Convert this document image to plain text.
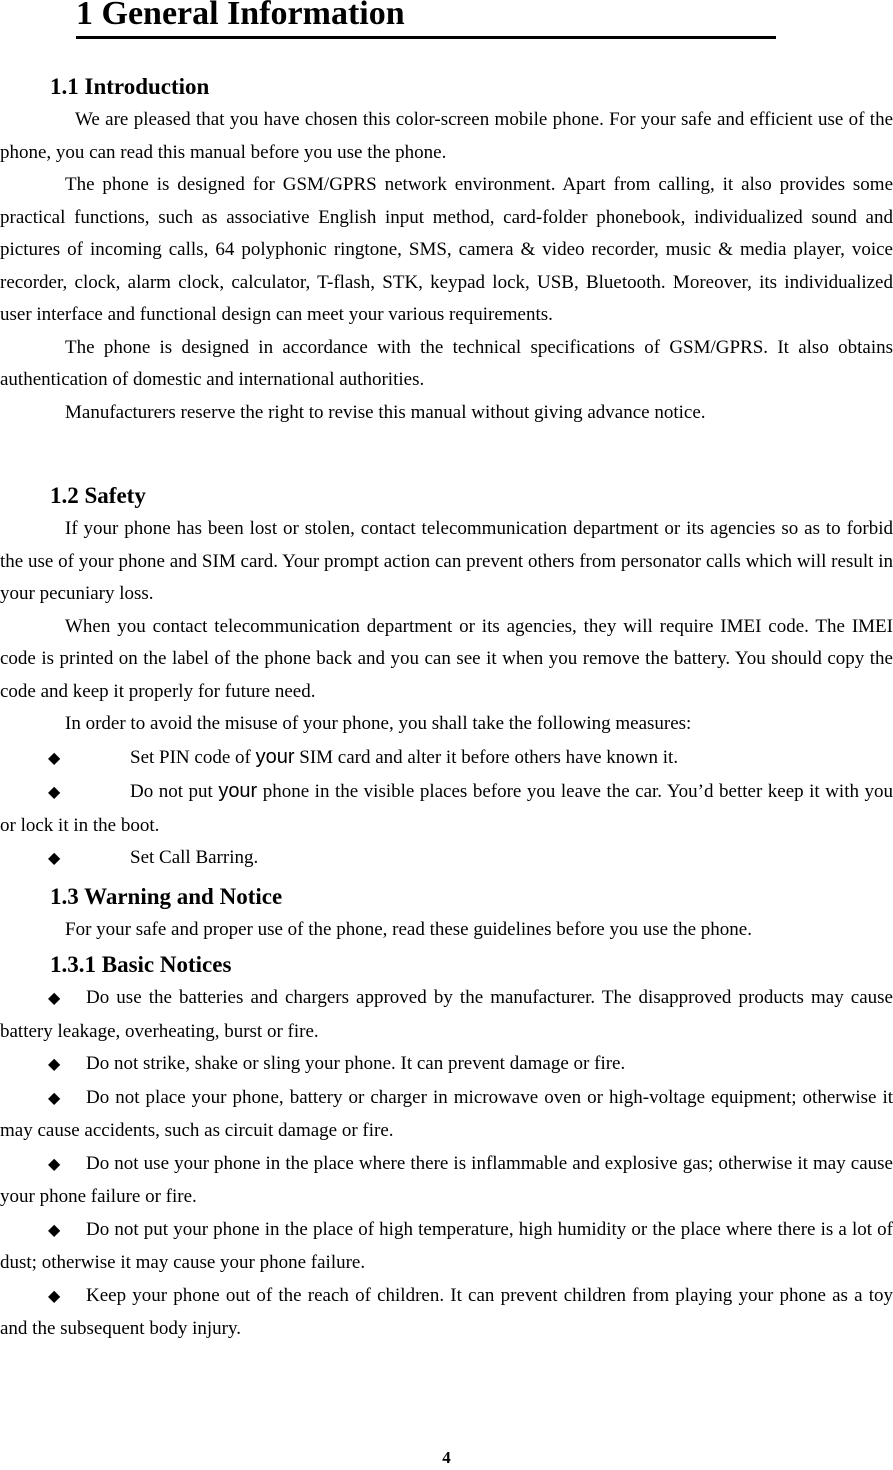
1 General Information
1.1 Introduction

We are pleased that you have chosen this color-screen mobile phone. For your safe and efficient use of the phone, you can read this manual before you use the phone.

The phone is designed for GSM/GPRS network environment. Apart from calling, it also provides some practical functions, such as associative English input method, card-folder phonebook, individualized sound and pictures of incoming calls, 64 polyphonic ringtone, SMS, camera & video recorder, music & media player, voice recorder, clock, alarm clock, calculator, T-flash, STK, keypad lock, USB, Bluetooth. Moreover, its individualized user interface and functional design can meet your various requirements.

The phone is designed in accordance with the technical specifications of GSM/GPRS. It also obtains authentication of domestic and international authorities.

Manufacturers reserve the right to revise this manual without giving advance notice.

1.2 Safety

If your phone has been lost or stolen, contact telecommunication department or its agencies so as to forbid the use of your phone and SIM card. Your prompt action can prevent others from personator calls which will result in your pecuniary loss.

When you contact telecommunication department or its agencies, they will require IMEI code. The IMEI code is printed on the label of the phone back and you can see it when you remove the battery. You should copy the code and keep it properly for future need.

In order to avoid the misuse of your phone, you shall take the following measures:

◆	Set PIN code of your SIM card and alter it before others have known it.

◆	Do not put your phone in the visible places before you leave the car. You’d better keep it with you or lock it in the boot.

◆	Set Call Barring.

1.3 Warning and Notice

For your safe and proper use of the phone, read these guidelines before you use the phone.

1.3.1 Basic Notices

◆ Do use the batteries and chargers approved by the manufacturer. The disapproved products may cause battery leakage, overheating, burst or fire.

◆ Do not strike, shake or sling your phone. It can prevent damage or fire.

◆ Do not place your phone, battery or charger in microwave oven or high-voltage equipment; otherwise it may cause accidents, such as circuit damage or fire.

◆ Do not use your phone in the place where there is inflammable and explosive gas; otherwise it may cause your phone failure or fire.

◆ Do not put your phone in the place of high temperature, high humidity or the place where there is a lot of dust; otherwise it may cause your phone failure.

◆ Keep your phone out of the reach of children. It can prevent children from playing your phone as a toy and the subsequent body injury.

4
